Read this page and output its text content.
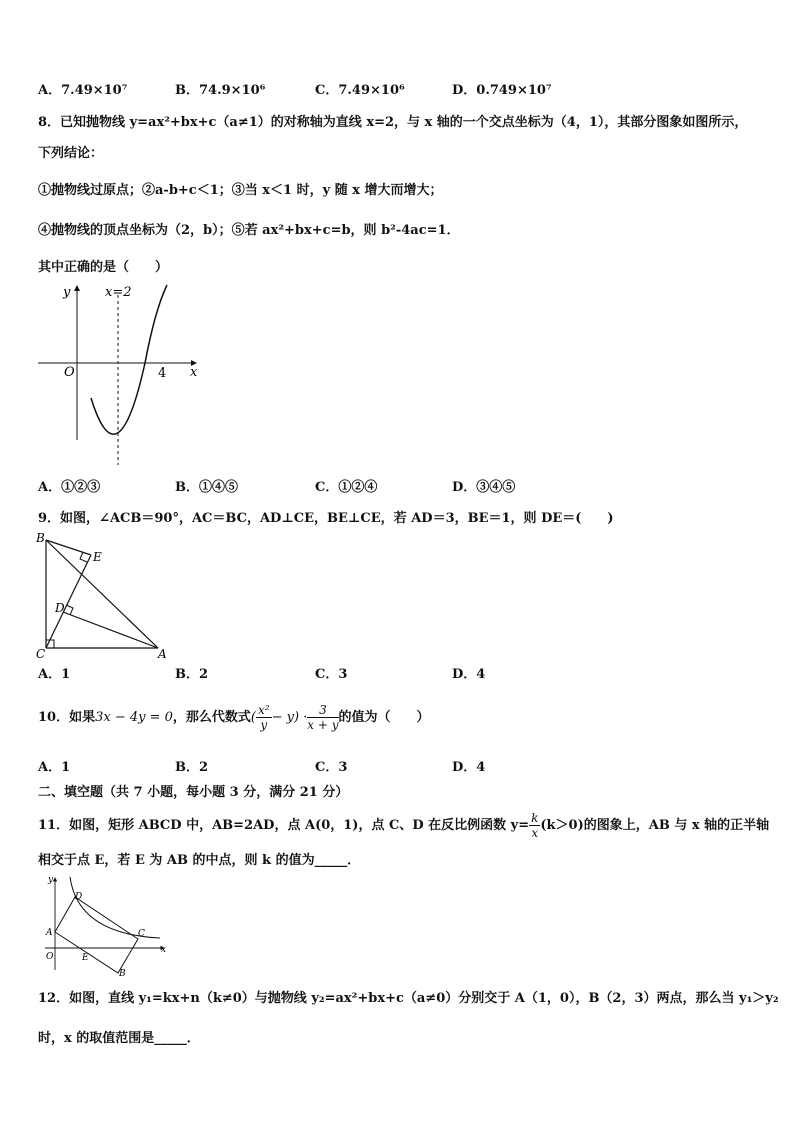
A．7.49×10⁷	B．74.9×10⁶	C．7.49×10⁶	D．0.749×10⁷
8．已知抛物线 y=ax²+bx+c（a≠1）的对称轴为直线 x=2，与 x 轴的一个交点坐标为（4，1），其部分图象如图所示，
下列结论：
①抛物线过原点；②a-b+c＜1；③当 x＜1 时，y 随 x 增大而增大；
④抛物线的顶点坐标为（2，b）；⑤若 ax²+bx+c=b，则 b²-4ac=1．
其中正确的是（　　）
y	x=2
O	4 x
A．①②③	B．①④⑤	C．①②④	D．③④⑤
9．如图，∠ACB＝90°，AC＝BC，AD⊥CE，BE⊥CE，若 AD＝3，BE＝1，则 DE＝(　　)
B
E
D
C	A
A．1	B．2	C．3	D．4
10．如果3x − 4y = 0，那么代数式( $\frac{\text{x²}}{y} - y) \cdot \frac{3}{x + y}$ 的值为（　　）
A．1	B．2	C．3	D．4
二、填空题（共 7 小题，每小题 3 分，满分 21 分）
11．如图，矩形 ABCD 中，AB=2AD，点 A(0，1)，点 C、D 在反比例函数 $y= \frac{k}{x} (k>0)$的图象上，AB 与 x 轴的正半轴
相交于点 E，若 E 为 AB 的中点，则 k 的值为_____．
y
D
A	C
O	E
B
x
12．如图，直线 y₁=kx+n（k≠0）与抛物线 y₂=ax²+bx+c（a≠0）分别交于 A（1，0），B（2，3）两点，那么当 y₁＞y₂
时，x 的取值范围是_____．
